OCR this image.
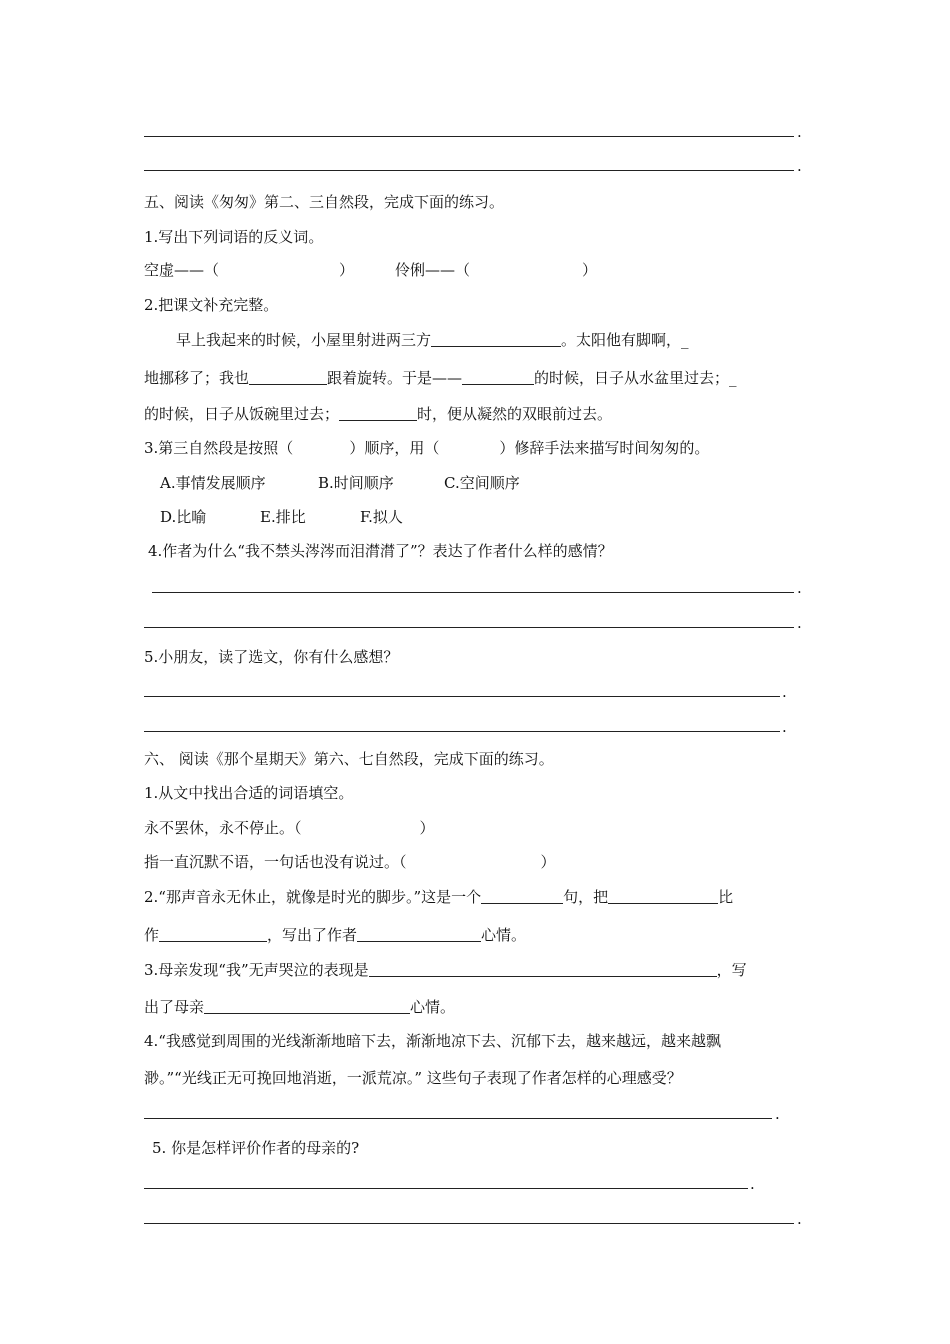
.
.
五、阅读《匆匆》第二、三自然段，完成下面的练习。
1.写出下列词语的反义词。
空虚——（	）	伶俐——（	）
2.把课文补充完整。
早上我起来的时候，小屋里射进两三方	。太阳他有脚啊，_
地挪移了；我也	跟着旋转。于是——	的时候，日子从水盆里过去；_
的时候，日子从饭碗里过去；	时，便从凝然的双眼前过去。
3.第三自然段是按照（	）顺序，用（	）修辞手法来描写时间匆匆的。
A.事情发展顺序	B.时间顺序	C.空间顺序
D.比喻	E.排比	F.拟人
4.作者为什么“我不禁头涔涔而泪潸潸了”？表达了作者什么样的感情？
.
.
5.小朋友，读了选文，你有什么感想？
.
.
六、 阅读《那个星期天》第六、七自然段，完成下面的练习。
1.从文中找出合适的词语填空。
永不罢休，永不停止。（	）
指一直沉默不语，一句话也没有说过。（	）
2.“那声音永无休止，就像是时光的脚步。”这是一个	句，把	比
作	，写出了作者	心情。
3.母亲发现“我”无声哭泣的表现是	，写
出了母亲	心情。
4.“我感觉到周围的光线渐渐地暗下去，渐渐地凉下去、沉郁下去，越来越远，越来越飘
渺。”“光线正无可挽回地消逝，一派荒凉。” 这些句子表现了作者怎样的心理感受？
.
5. 你是怎样评价作者的母亲的?
.
.
